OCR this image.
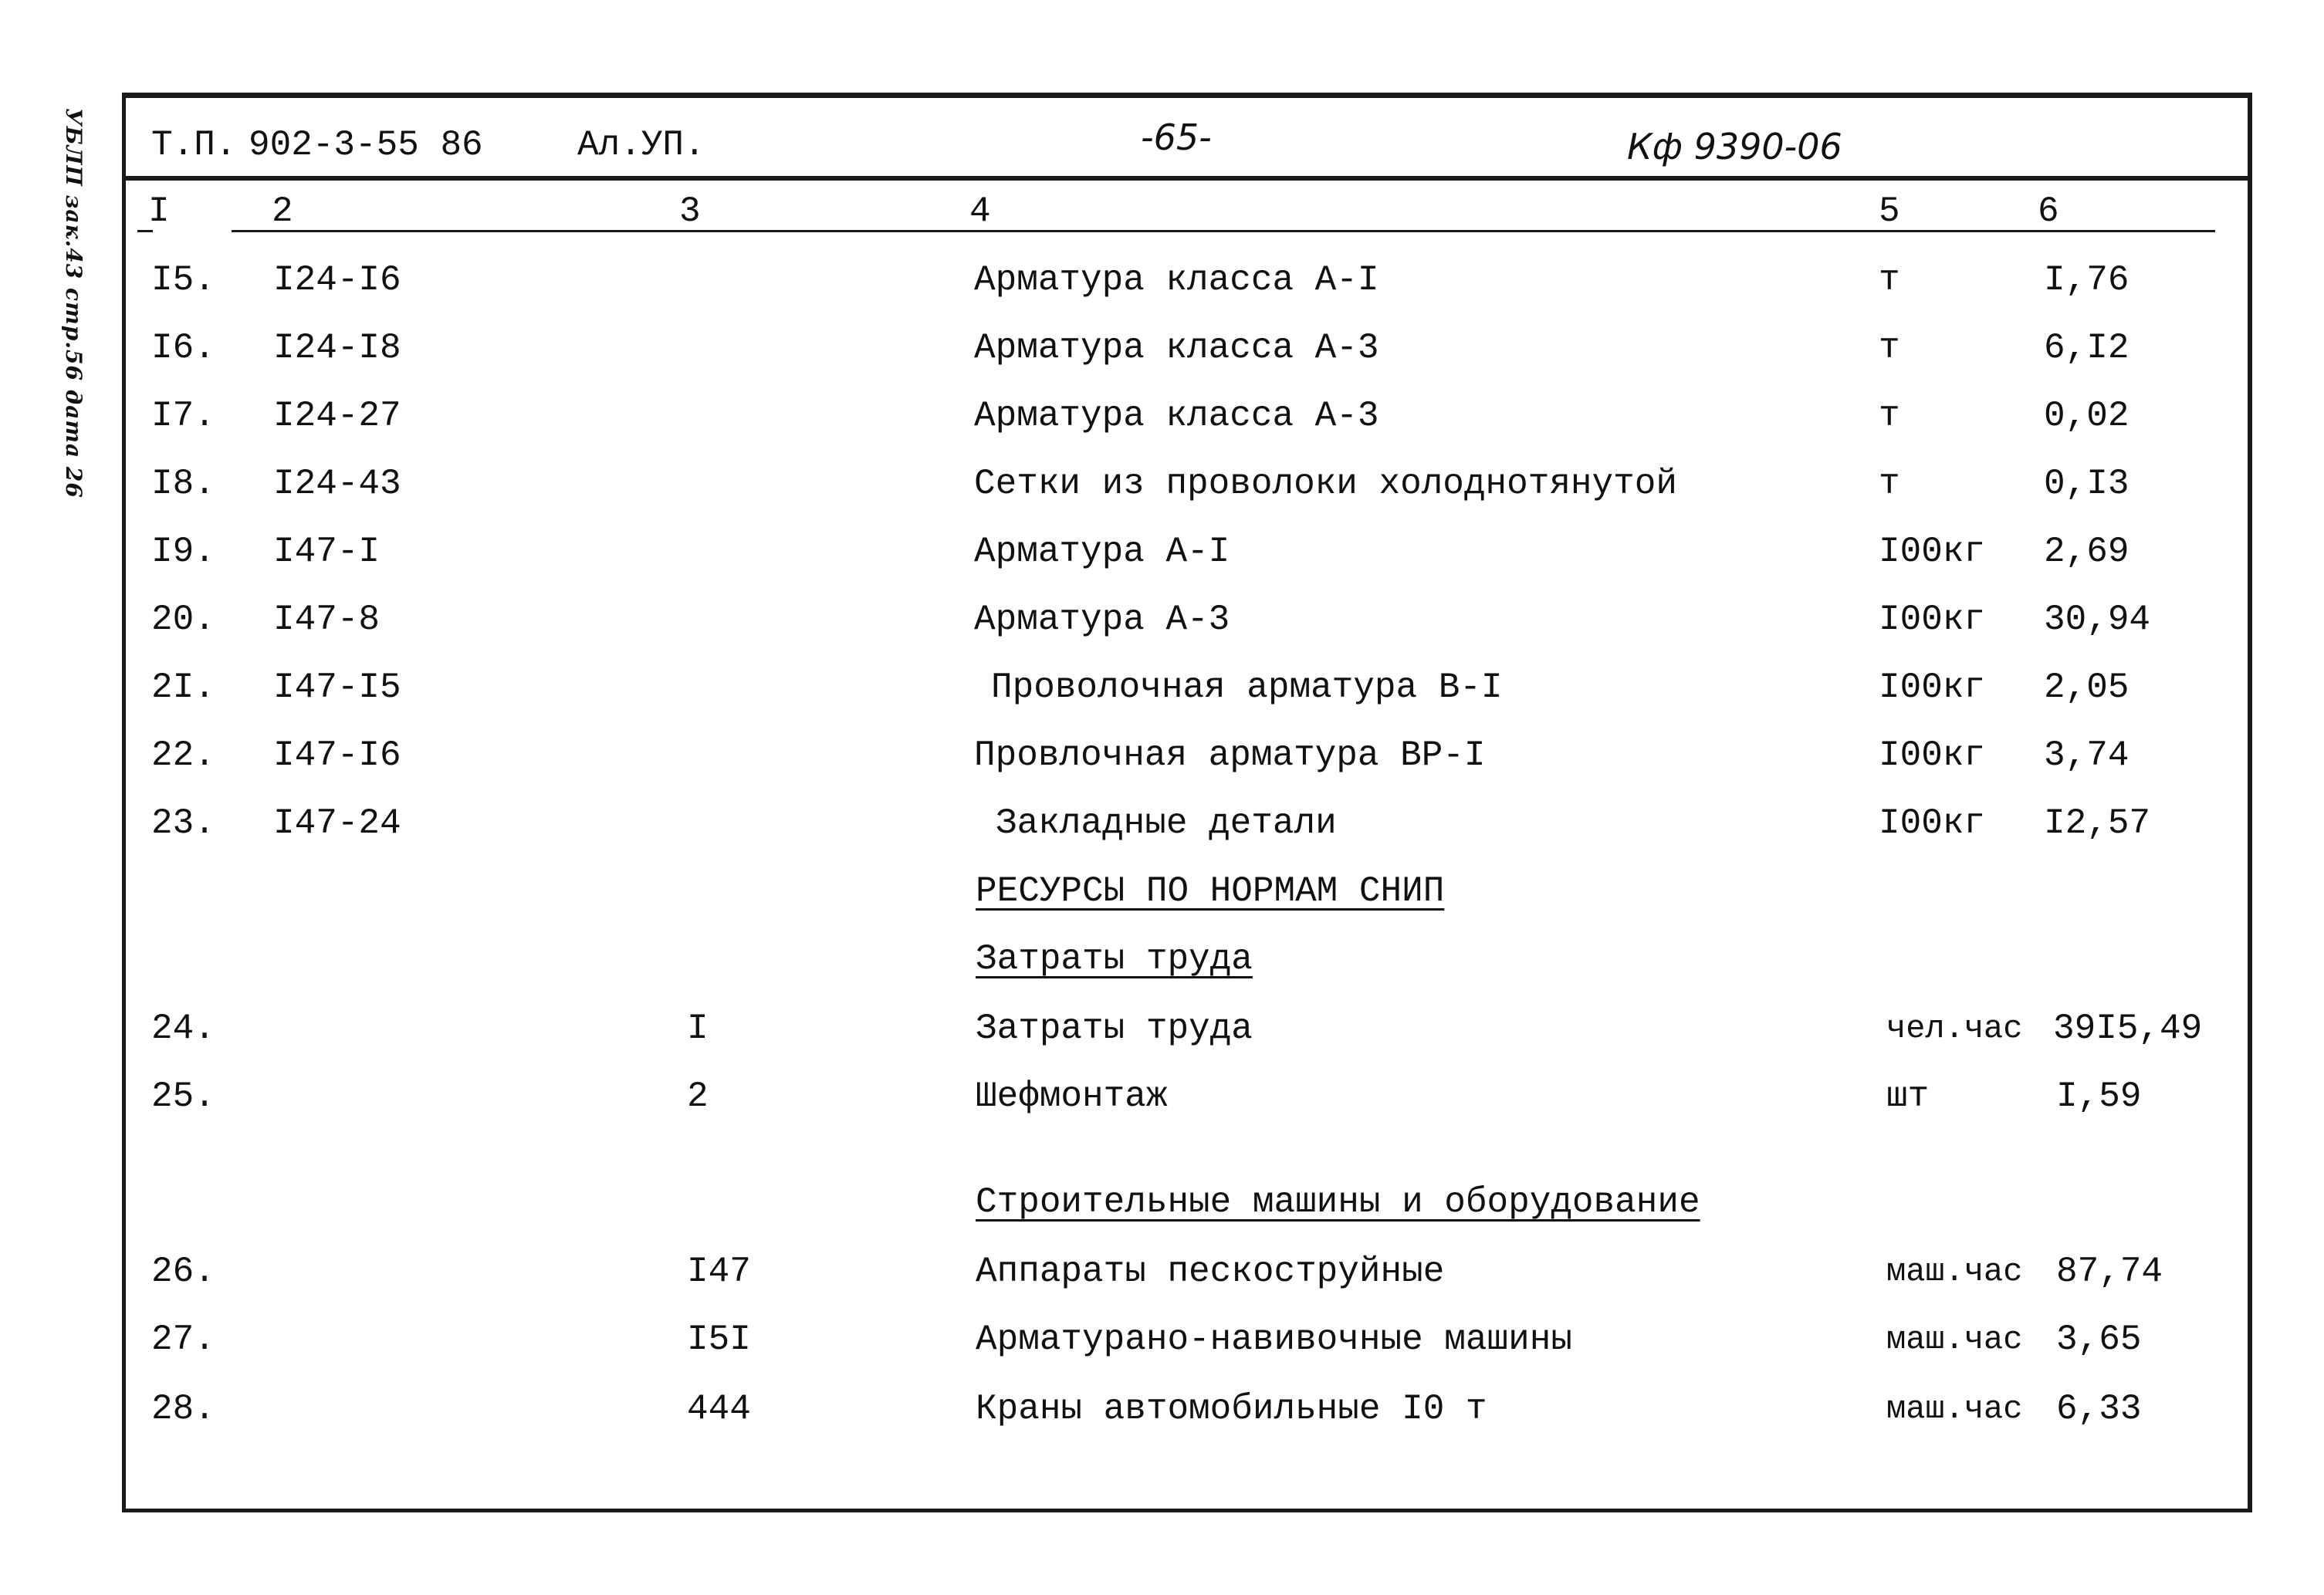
УБЛП зак.43 стр.56 дата 26 Т.П. 902-3-55 86	Ал.УП.	-65-	Кф 9390-06
I	2	3	4	5	6
I5. I24-I6	Арматура класса А-I	т	I,76
I6. I24-I8	Арматура класса А-3	т	6,I2
I7. I24-27	Арматура класса А-3	т	0,02
I8. I24-43	Сетки из проволоки холоднотянутой	т	0,I3
I9. I47-I	Арматура А-I	I00кг 2,69
20. I47-8	Арматура А-3	I00кг 30,94
2I. I47-I5	Проволочная арматура В-I	I00кг 2,05
22. I47-I6	Провлочная арматура ВР-I	I00кг 3,74
23. I47-24	Закладные детали	I00кг I2,57
РЕСУРСЫ ПО НОРМАМ СНИП
Затраты труда
24.	I	Затраты труда	чел.час 39I5,49
25.	2	Шефмонтаж	шт	I,59
Строительные машины и оборудование
26.	I47	Аппараты пескоструйные	маш.час 87,74
27.	I5I	Арматурано-навивочные машины	маш.час 3,65
28.	444	Краны автомобильные I0 т	маш.час 6,33
